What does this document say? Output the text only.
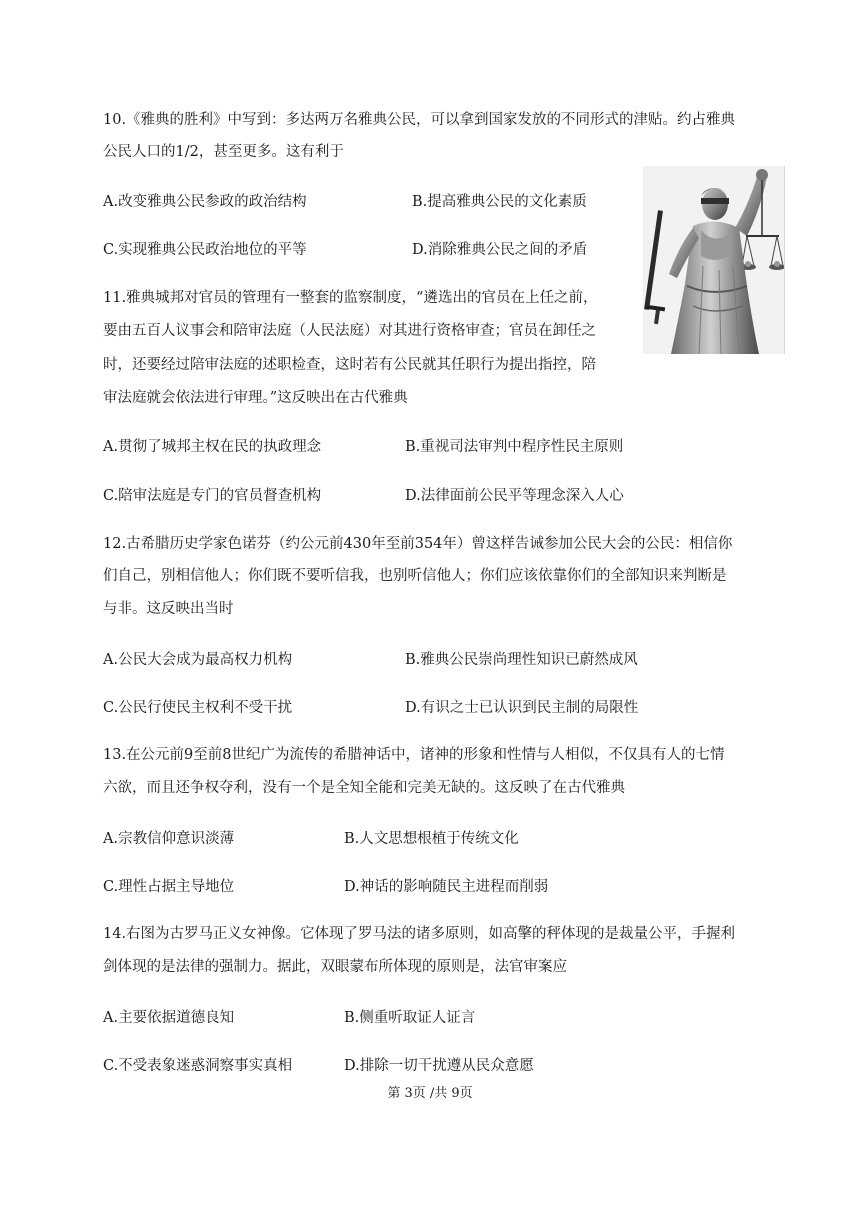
10.《雅典的胜利》中写到：多达两万名雅典公民，可以拿到国家发放的不同形式的津贴。约占雅典
公民人口的1/2，甚至更多。这有利于
A.改变雅典公民参政的政治结构	B.提高雅典公民的文化素质
C.实现雅典公民政治地位的平等	D.消除雅典公民之间的矛盾
11.雅典城邦对官员的管理有一整套的监察制度，“遴选出的官员在上任之前，
要由五百人议事会和陪审法庭（人民法庭）对其进行资格审查；官员在卸任之
时，还要经过陪审法庭的述职检查，这时若有公民就其任职行为提出指控，陪
审法庭就会依法进行审理。”这反映出在古代雅典
A.贯彻了城邦主权在民的执政理念	B.重视司法审判中程序性民主原则
C.陪审法庭是专门的官员督查机构	D.法律面前公民平等理念深入人心
12.古希腊历史学家色诺芬（约公元前430年至前354年）曾这样告诫参加公民大会的公民：相信你
们自己，别相信他人；你们既不要听信我，也别听信他人；你们应该依靠你们的全部知识来判断是
与非。这反映出当时
A.公民大会成为最高权力机构	B.雅典公民崇尚理性知识已蔚然成风
C.公民行使民主权利不受干扰	D.有识之士已认识到民主制的局限性
13.在公元前9至前8世纪广为流传的希腊神话中，诸神的形象和性情与人相似，不仅具有人的七情
六欲，而且还争权夺利，没有一个是全知全能和完美无缺的。这反映了在古代雅典
A.宗教信仰意识淡薄	B.人文思想根植于传统文化
C.理性占据主导地位	D.神话的影响随民主进程而削弱
14.右图为古罗马正义女神像。它体现了罗马法的诸多原则，如高擎的秤体现的是裁量公平，手握利
剑体现的是法律的强制力。据此，双眼蒙布所体现的原则是，法官审案应
A.主要依据道德良知	B.侧重听取证人证言
C.不受表象迷惑洞察事实真相	D.排除一切干扰遵从民众意愿
第 3页 /共 9页
